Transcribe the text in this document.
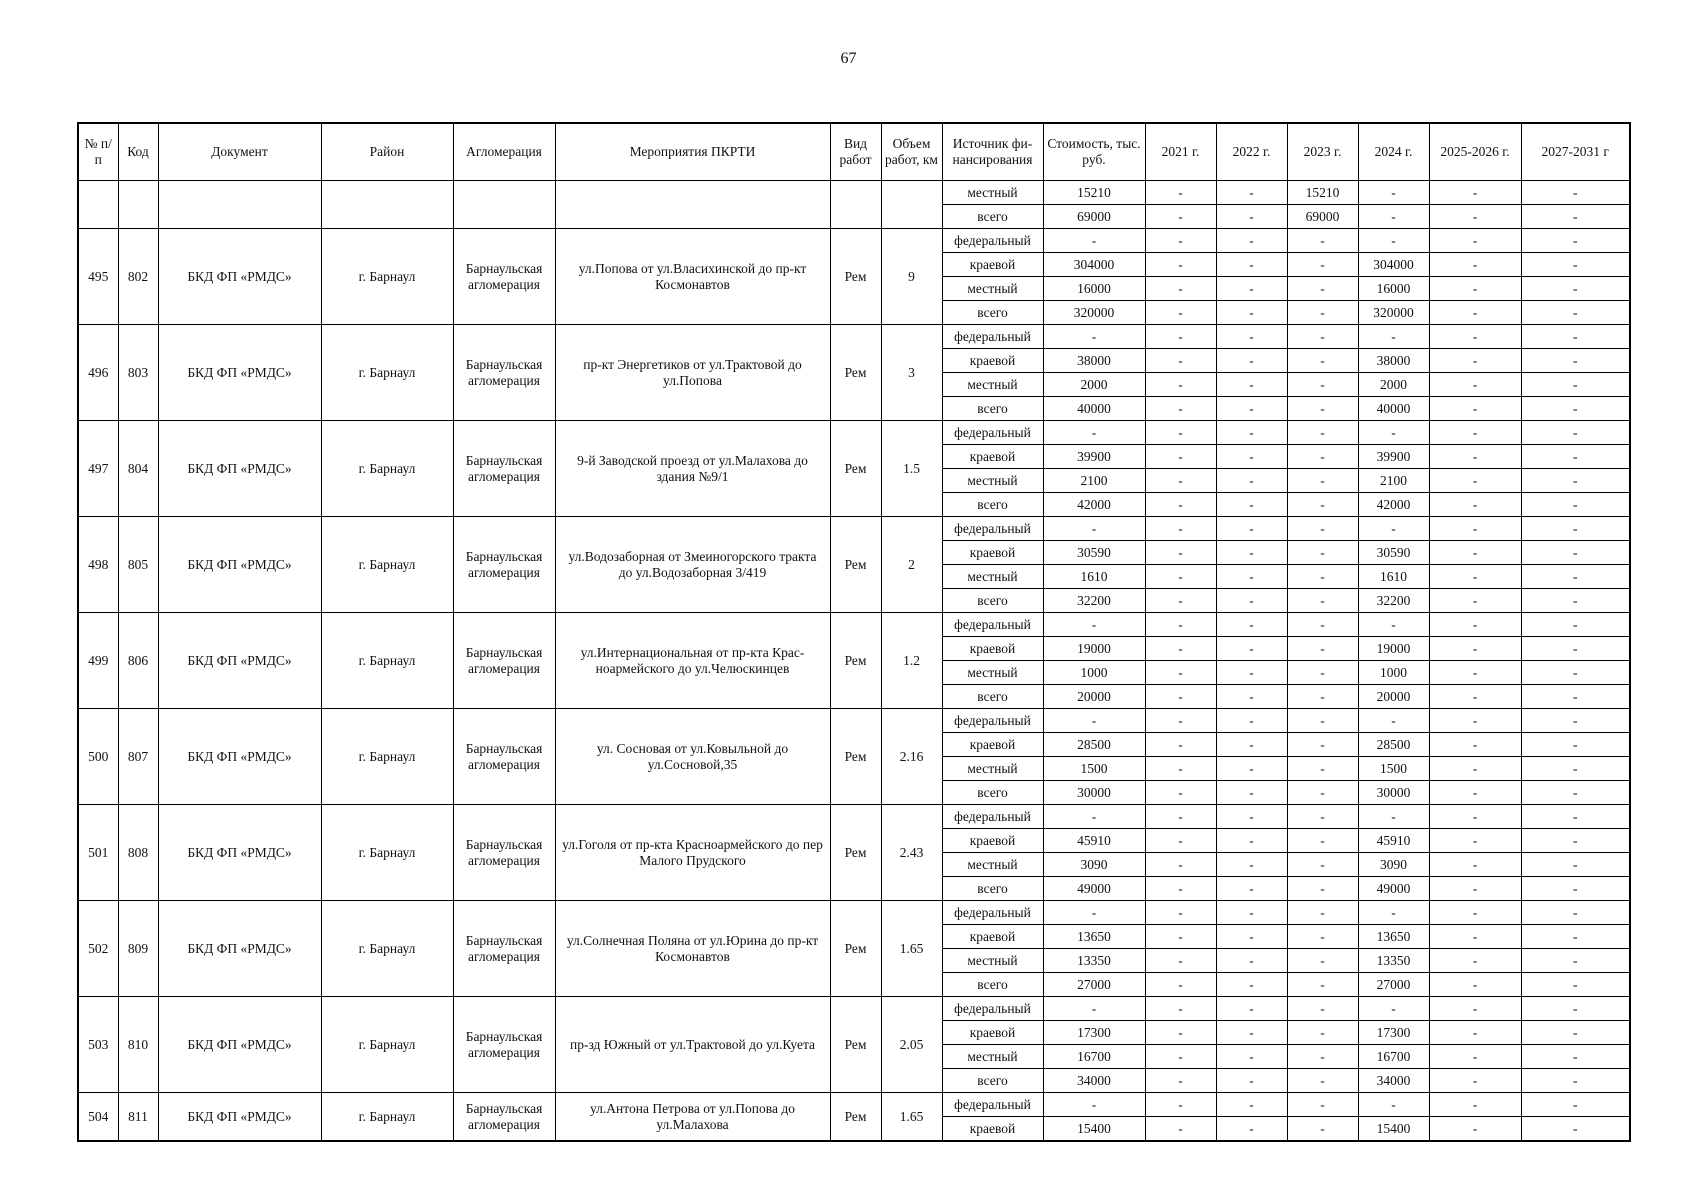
67
№ п/п	Код	Документ	Район	Агломерация	Мероприятия ПКРТИ	Вид работ	Объем работ, км	Источник фи-нансирования	Стоимость, тыс. руб.	2021 г.	2022 г.	2023 г.	2024 г.	2025-2026 г.	2027-2031 г
								местный	15210	-	-	15210	-	-	-
								всего	69000	-	-	69000	-	-	-
495	802	БКД ФП «РМДС»	г. Барнаул	Барнаульская агломерация	ул.Попова от ул.Власихинской до пр-кт Космонавтов	Рем	9	федеральный	-	-	-	-	-	-	-
								краевой	304000	-	-	-	304000	-	-
								местный	16000	-	-	-	16000	-	-
								всего	320000	-	-	-	320000	-	-
496	803	БКД ФП «РМДС»	г. Барнаул	Барнаульская агломерация	пр-кт Энергетиков от ул.Трактовой до ул.Попова	Рем	3	федеральный	-	-	-	-	-	-	-
								краевой	38000	-	-	-	38000	-	-
								местный	2000	-	-	-	2000	-	-
								всего	40000	-	-	-	40000	-	-
497	804	БКД ФП «РМДС»	г. Барнаул	Барнаульская агломерация	9-й Заводской проезд от ул.Малахова до здания №9/1	Рем	1.5	федеральный	-	-	-	-	-	-	-
								краевой	39900	-	-	-	39900	-	-
								местный	2100	-	-	-	2100	-	-
								всего	42000	-	-	-	42000	-	-
498	805	БКД ФП «РМДС»	г. Барнаул	Барнаульская агломерация	ул.Водозаборная от Змеиногорского тракта до ул.Водозаборная 3/419	Рем	2	федеральный	-	-	-	-	-	-	-
								краевой	30590	-	-	-	30590	-	-
								местный	1610	-	-	-	1610	-	-
								всего	32200	-	-	-	32200	-	-
499	806	БКД ФП «РМДС»	г. Барнаул	Барнаульская агломерация	ул.Интернациональная от пр-кта Крас-ноармейского до ул.Челюскинцев	Рем	1.2	федеральный	-	-	-	-	-	-	-
								краевой	19000	-	-	-	19000	-	-
								местный	1000	-	-	-	1000	-	-
								всего	20000	-	-	-	20000	-	-
500	807	БКД ФП «РМДС»	г. Барнаул	Барнаульская агломерация	ул. Сосновая от ул.Ковыльной до ул.Сосновой,35	Рем	2.16	федеральный	-	-	-	-	-	-	-
								краевой	28500	-	-	-	28500	-	-
								местный	1500	-	-	-	1500	-	-
								всего	30000	-	-	-	30000	-	-
501	808	БКД ФП «РМДС»	г. Барнаул	Барнаульская агломерация	ул.Гоголя от пр-кта Красноармейского до пер Малого Прудского	Рем	2.43	федеральный	-	-	-	-	-	-	-
								краевой	45910	-	-	-	45910	-	-
								местный	3090	-	-	-	3090	-	-
								всего	49000	-	-	-	49000	-	-
502	809	БКД ФП «РМДС»	г. Барнаул	Барнаульская агломерация	ул.Солнечная Поляна от ул.Юрина до пр-кт Космонавтов	Рем	1.65	федеральный	-	-	-	-	-	-	-
								краевой	13650	-	-	-	13650	-	-
								местный	13350	-	-	-	13350	-	-
								всего	27000	-	-	-	27000	-	-
503	810	БКД ФП «РМДС»	г. Барнаул	Барнаульская агломерация	пр-зд Южный от ул.Трактовой до ул.Куета	Рем	2.05	федеральный	-	-	-	-	-	-	-
								краевой	17300	-	-	-	17300	-	-
								местный	16700	-	-	-	16700	-	-
								всего	34000	-	-	-	34000	-	-
504	811	БКД ФП «РМДС»	г. Барнаул	Барнаульская агломерация	ул.Антона Петрова от ул.Попова до ул.Малахова	Рем	1.65	федеральный	-	-	-	-	-	-	-
								краевой	15400	-	-	-	15400	-	-
